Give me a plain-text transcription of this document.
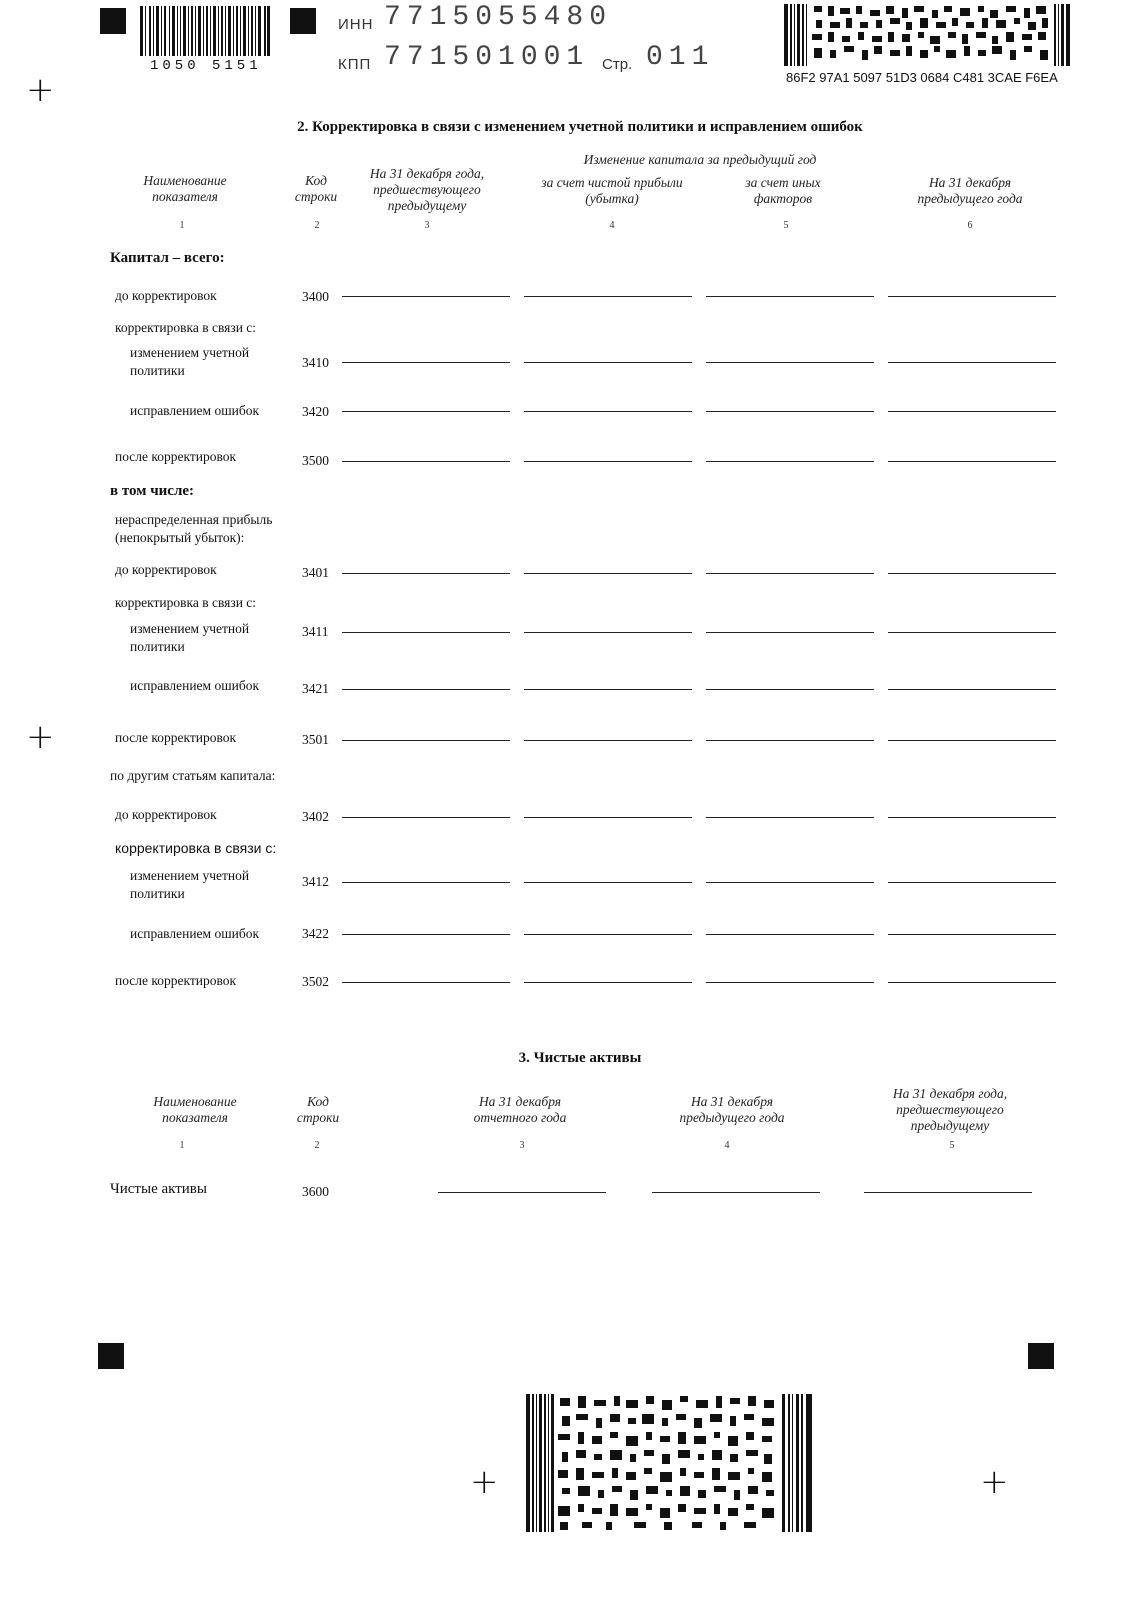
1050 5151
ИНН 7715055480
КПП 771501001 Стр. 011
86F2 97A1 5097 51D3 0684 C481 3CAE F6EA
+
2. Корректировка в связи с изменением учетной политики и исправлением ошибок
Изменение капитала за предыдущий год
Наименование показателя
Код строки
На 31 декабря года, предшествующего предыдущему
за счет чистой прибыли (убытка)
за счет иных факторов
На 31 декабря предыдущего года
1	2	3	4	5	6
Капитал – всего:
до корректировок	3400
корректировка в связи с:
изменением учетной политики
3410
исправлением ошибок	3420
после корректировок	3500
в том числе:
нераспределенная прибыль (непокрытый убыток):
до корректировок	3401
корректировка в связи с:
изменением учетной политики
3411
исправлением ошибок	3421
после корректировок	3501
по другим статьям капитала:
до корректировок	3402
корректировка в связи с:
изменением учетной политики
3412
исправлением ошибок	3422
после корректировок	3502
+
3. Чистые активы
Наименование показателя
Код строки
На 31 декабря отчетного года
На 31 декабря предыдущего года
На 31 декабря года, предшествующего предыдущему
1	2	3	4	5
Чистые активы	3600
+	+
